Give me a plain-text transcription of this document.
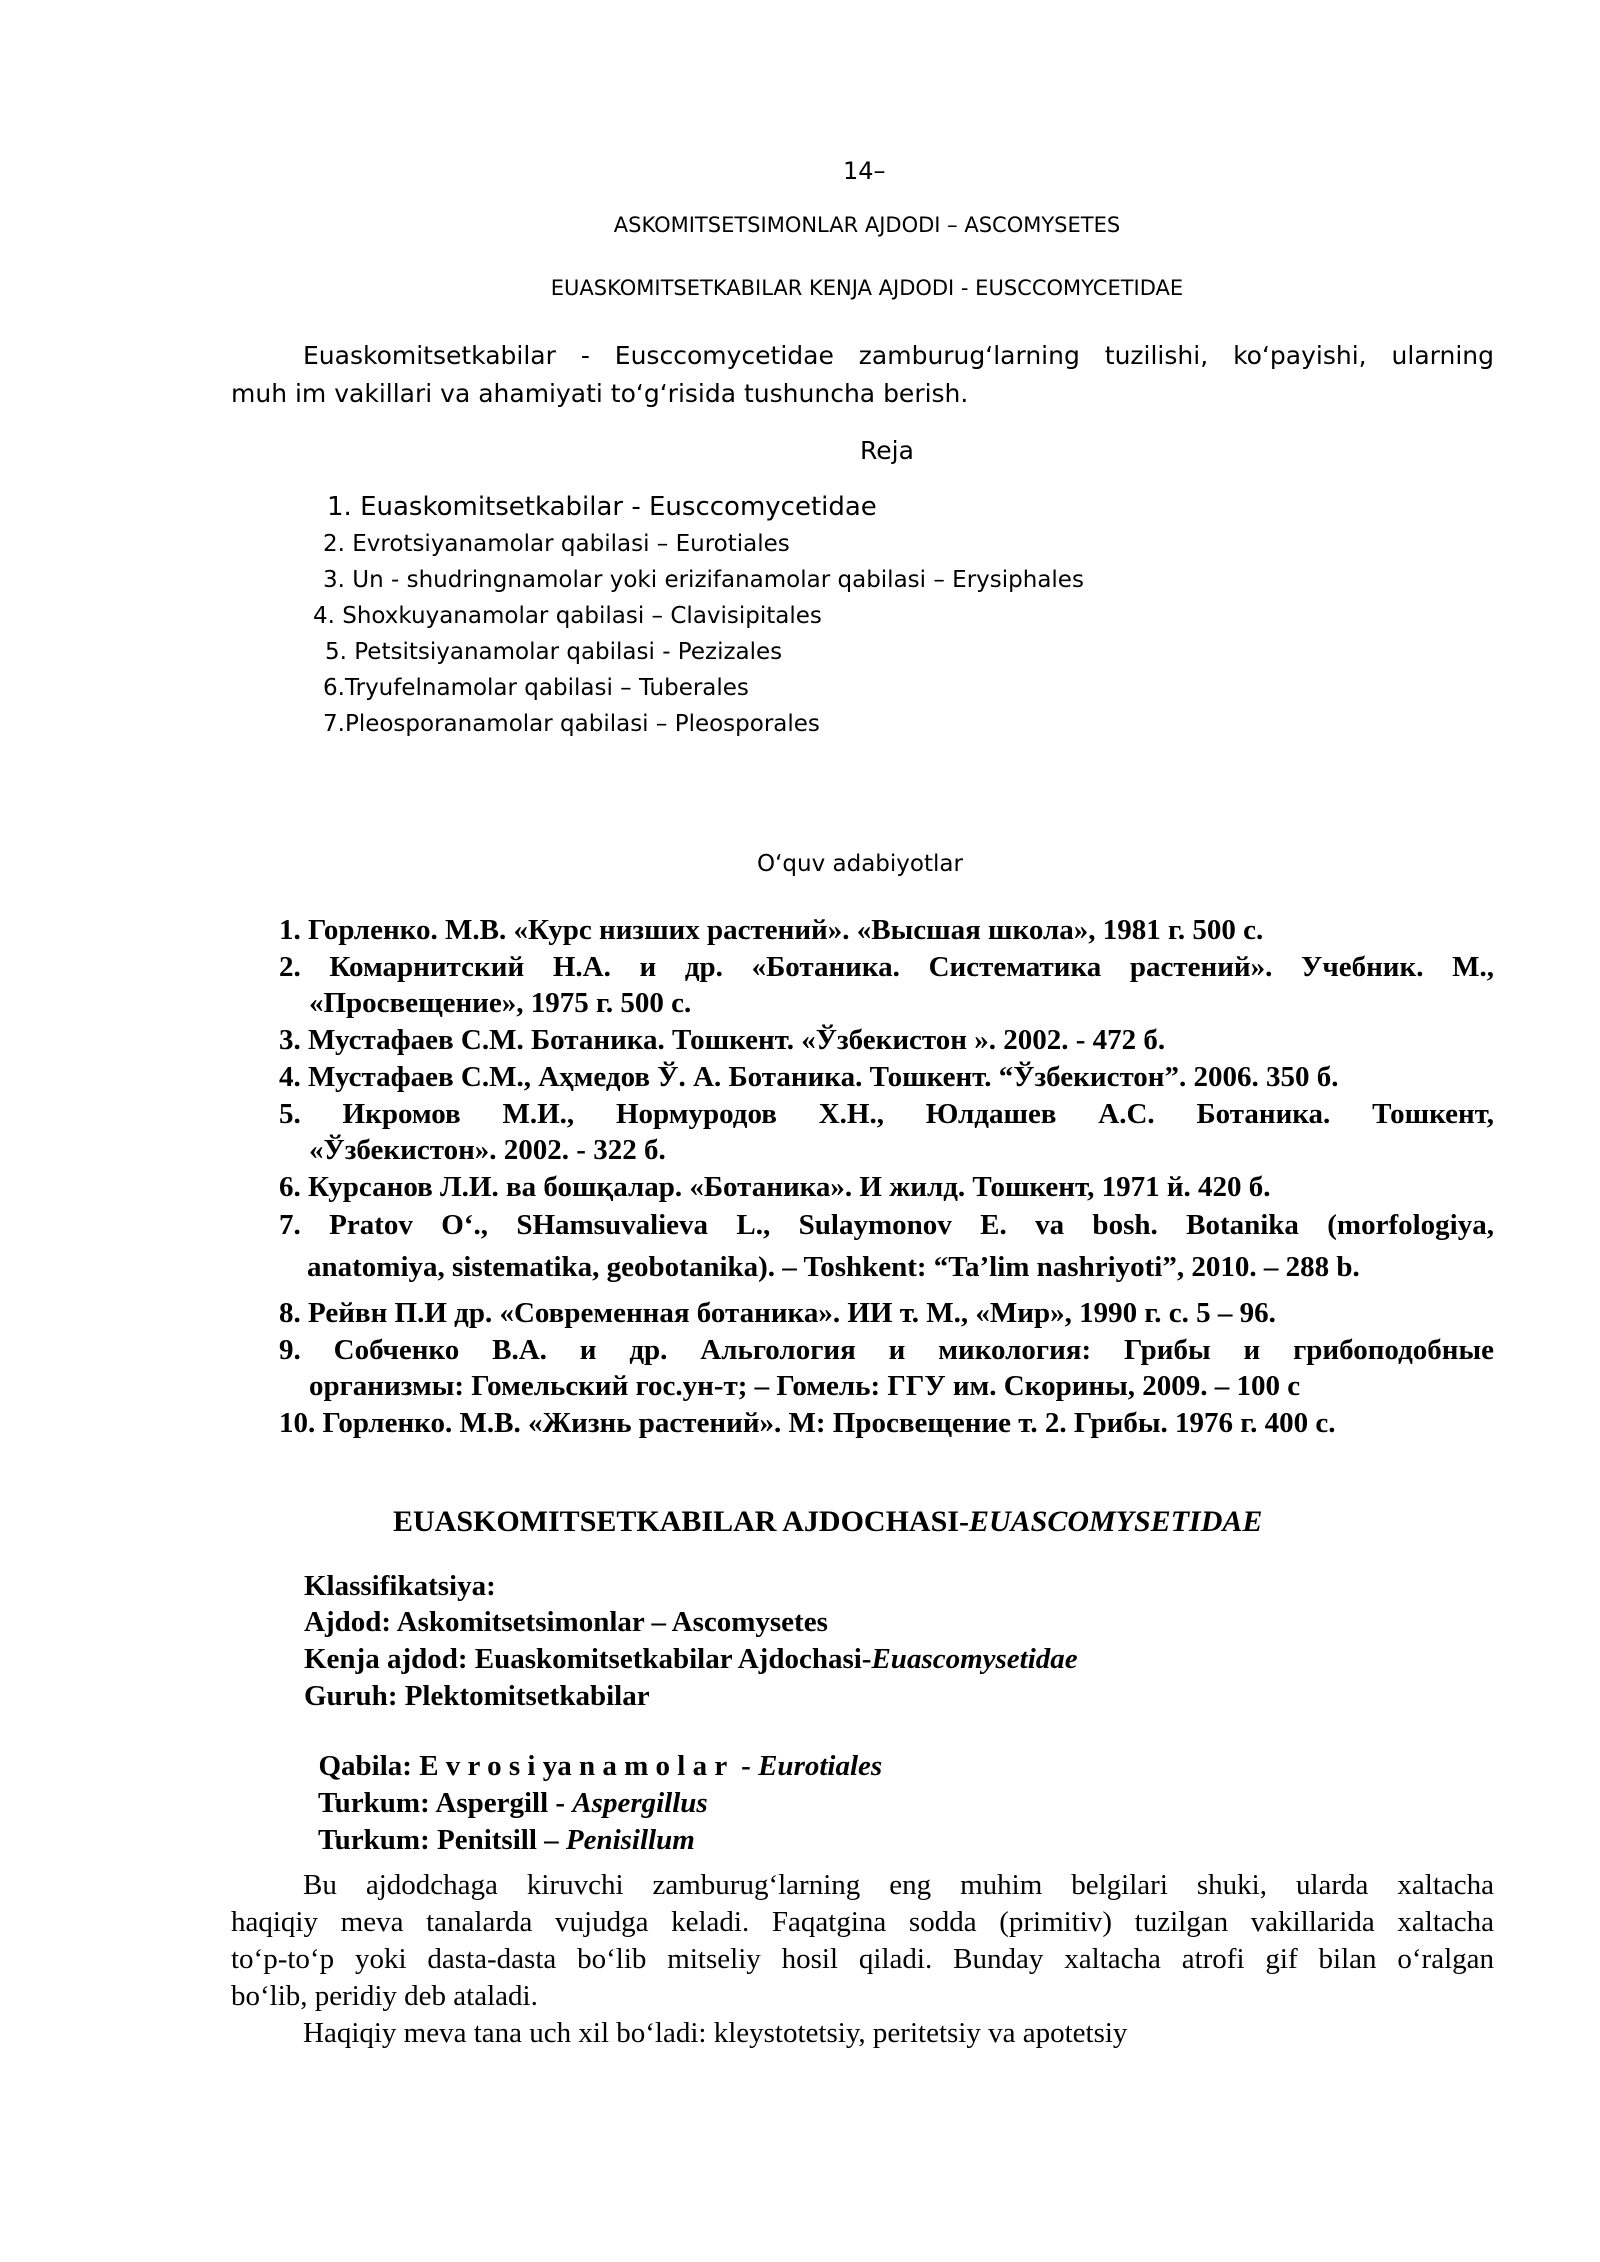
14–
ASKOMITSETSIMONLAR AJDODI – ASCOMYSETES
EUASKOMITSETKABILAR KENJA AJDODI - EUSCCOMYCETIDAE
Euaskomitsetkabilar - Eusccomycetidae zamburug‘larning tuzilishi, ko‘payishi, ularning
muh im vakillari va ahamiyati to‘g‘risida tushuncha berish.
Reja
1. Euaskomitsetkabilar - Eusccomycetidae
2. Evrotsiyanamolar qabilasi – Eurotiales
3. Un - shudringnamolar yoki erizifanamolar qabilasi – Erysiphales
4. Shoxkuyanamolar qabilasi – Clavisipitales
5. Petsitsiyanamolar qabilasi - Pezizales
6.Tryufelnamolar qabilasi – Tuberales
7.Pleosporanamolar qabilasi – Pleosporales
O‘quv adabiyotlar
1. Горленко. М.В. «Курс низших растений». «Высшая школа», 1981 г. 500 с.
2. Комарнитский Н.А. и др. «Ботаника. Систематика растений». Учебник. М.,
«Просвещение», 1975 г. 500 с.
3. Мустафаев С.М. Ботаника. Тошкент. «Ўзбекистон ». 2002. - 472 б.
4. Мустафаев С.М., Аҳмедов Ў. А. Ботаника. Тошкент. “Ўзбекистон”. 2006. 350 б.
5. Икромов М.И., Нормуродов Х.Н., Юлдашев А.С. Ботаника. Тошкент,
«Ўзбекистон». 2002. - 322 б.
6. Курсанов Л.И. ва бошқалар. «Ботаника». И жилд. Тошкент, 1971 й. 420 б.
7. Pratov O‘., SHamsuvalieva L., Sulaymonov E. va bosh. Botanika (morfologiya,
anatomiya, sistematika, geobotanika). – Toshkent: “Ta’lim nashriyoti”, 2010. – 288 b.
8. Рейвн П.И др. «Современная ботаника». ИИ т. М., «Мир», 1990 г. с. 5 – 96.
9. Собченко В.А. и др. Альгология и микология: Грибы и грибоподобные
организмы: Гомельский гос.ун-т; – Гомель: ГГУ им. Скорины, 2009. – 100 с
10. Горленко. М.В. «Жизнь растений». М: Просвещение т. 2. Грибы. 1976 г. 400 с.
EUASKOMITSETKABILAR AJDOCHASI-EUASCOMYSETIDAE
Klassifikatsiya:
Ajdod: Askomitsetsimonlar – Ascomysetes
Kenja ajdod: Euaskomitsetkabilar Ajdochasi-Euascomysetidae
Guruh: Plektomitsetkabilar

Qabila: E v r o s i ya n a m o l a r  - Eurotiales

Turkum: Aspergill - Aspergillus

Turkum: Penitsill – Penisillum

Bu ajdodchaga kiruvchi zamburug‘larning eng muhim belgilari shuki, ularda xaltacha
haqiqiy meva tanalarda vujudga keladi. Faqatgina sodda (primitiv) tuzilgan vakillarida xaltacha
to‘p-to‘p yoki dasta-dasta bo‘lib mitseliy hosil qiladi. Bunday xaltacha atrofi gif bilan o‘ralgan
bo‘lib, peridiy deb ataladi.
Haqiqiy meva tana uch xil bo‘ladi: kleystotetsiy, peritetsiy va apotetsiy
